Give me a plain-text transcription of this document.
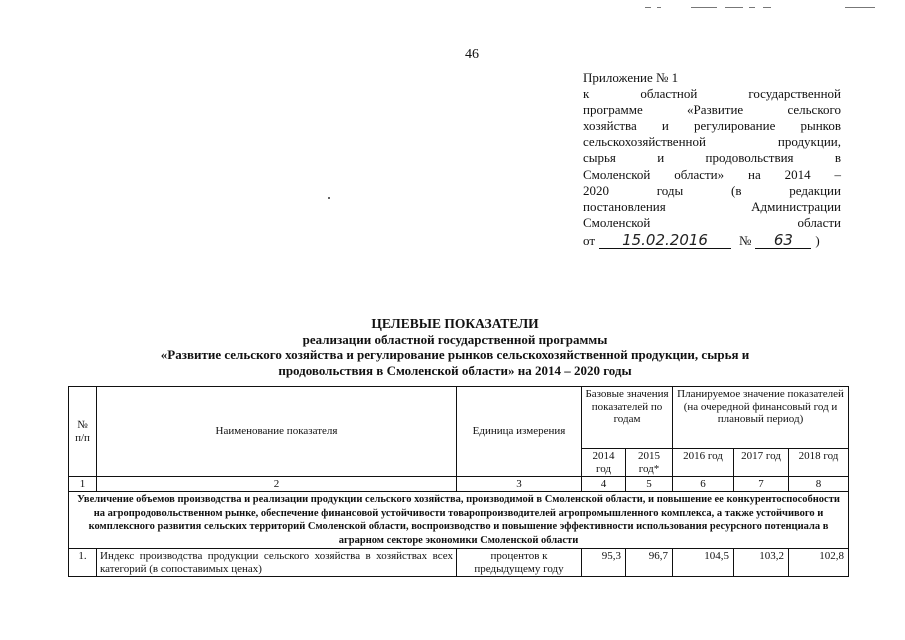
46
Приложение № 1
к	областной	государственной
программе	«Развитие	сельского
хозяйства и регулирование рынков
сельскохозяйственной	продукции,
сырья	и	продовольствия	в
Смоленской области» на 2014 –
2020	годы	(в	редакции
постановления	Администрации
Смоленской	области
от	15.02.2016	№	63	)
ЦЕЛЕВЫЕ ПОКАЗАТЕЛИ
реализации областной государственной программы
«Развитие сельского хозяйства и регулирование рынков сельскохозяйственной продукции, сырья и
продовольствия в Смоленской области» на 2014 – 2020 годы
№ п/п	Наименование показателя	Единица измерения	Базовые значения показателей по годам		Планируемое значение показателей (на очередной финансовый год и плановый период)		
			2014 год	2015 год*	2016 год	2017 год	2018 год
1	2	3	4	5	6	7	8
Увеличение объемов производства и реализации продукции сельского хозяйства, производимой в Смоленской области, и повышение ее конкурентоспособности на агропродовольственном рынке, обеспечение финансовой устойчивости товаропроизводителей агропромышленного комплекса, а также устойчивого и комплексного развития сельских территорий Смоленской области, воспроизводство и повышение эффективности использования ресурсного потенциала в аграрном секторе экономики Смоленской области							
1.	Индекс производства продукции сельского хозяйства в хозяйствах всех категорий (в сопоставимых ценах)	процентов к предыдущему году	95,3	96,7	104,5	103,2	102,8
